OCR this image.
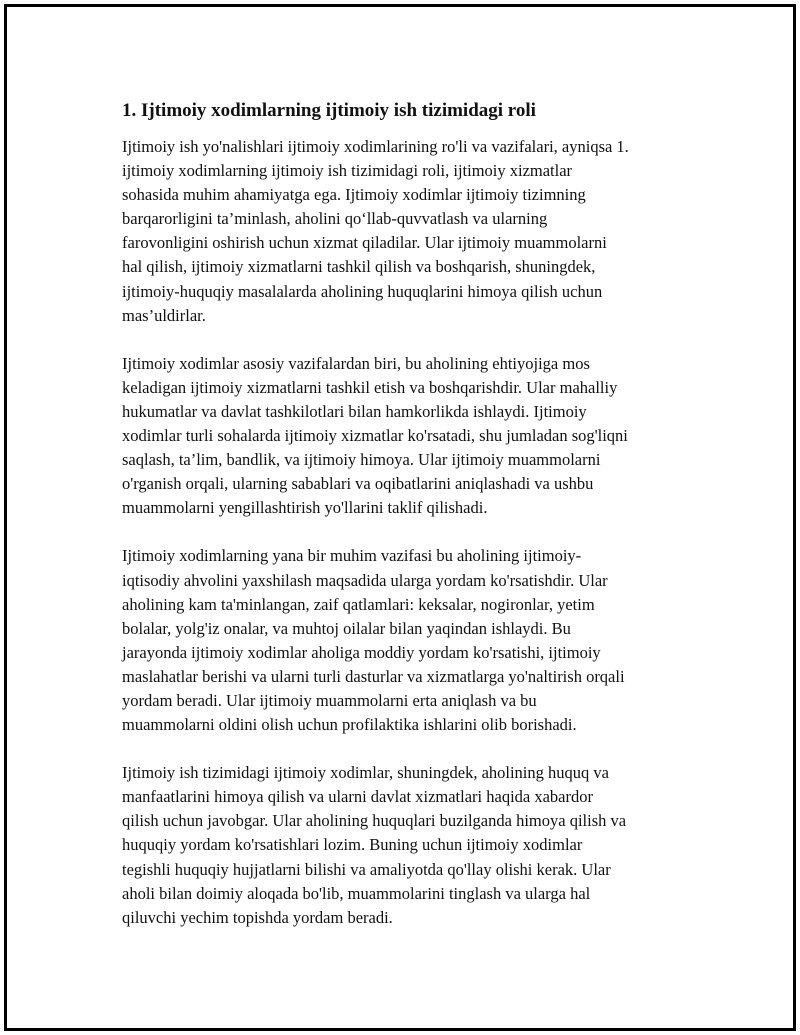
1. Ijtimoiy xodimlarning ijtimoiy ish tizimidagi roli

Ijtimoiy ish yo'nalishlari ijtimoiy xodimlarining ro'li va vazifalari, ayniqsa 1.
ijtimoiy xodimlarning ijtimoiy ish tizimidagi roli, ijtimoiy xizmatlar
sohasida muhim ahamiyatga ega. Ijtimoiy xodimlar ijtimoiy tizimning
barqarorligini ta’minlash, aholini qo‘llab-quvvatlash va ularning
farovonligini oshirish uchun xizmat qiladilar. Ular ijtimoiy muammolarni
hal qilish, ijtimoiy xizmatlarni tashkil qilish va boshqarish, shuningdek,
ijtimoiy-huquqiy masalalarda aholining huquqlarini himoya qilish uchun
mas’uldirlar.

Ijtimoiy xodimlar asosiy vazifalardan biri, bu aholining ehtiyojiga mos
keladigan ijtimoiy xizmatlarni tashkil etish va boshqarishdir. Ular mahalliy
hukumatlar va davlat tashkilotlari bilan hamkorlikda ishlaydi. Ijtimoiy
xodimlar turli sohalarda ijtimoiy xizmatlar ko'rsatadi, shu jumladan sog'liqni
saqlash, ta’lim, bandlik, va ijtimoiy himoya. Ular ijtimoiy muammolarni
o'rganish orqali, ularning sabablari va oqibatlarini aniqlashadi va ushbu
muammolarni yengillashtirish yo'llarini taklif qilishadi.

Ijtimoiy xodimlarning yana bir muhim vazifasi bu aholining ijtimoiy-
iqtisodiy ahvolini yaxshilash maqsadida ularga yordam ko'rsatishdir. Ular
aholining kam ta'minlangan, zaif qatlamlari: keksalar, nogironlar, yetim
bolalar, yolg'iz onalar, va muhtoj oilalar bilan yaqindan ishlaydi. Bu
jarayonda ijtimoiy xodimlar aholiga moddiy yordam ko'rsatishi, ijtimoiy
maslahatlar berishi va ularni turli dasturlar va xizmatlarga yo'naltirish orqali
yordam beradi. Ular ijtimoiy muammolarni erta aniqlash va bu
muammolarni oldini olish uchun profilaktika ishlarini olib borishadi.

Ijtimoiy ish tizimidagi ijtimoiy xodimlar, shuningdek, aholining huquq va
manfaatlarini himoya qilish va ularni davlat xizmatlari haqida xabardor
qilish uchun javobgar. Ular aholining huquqlari buzilganda himoya qilish va
huquqiy yordam ko'rsatishlari lozim. Buning uchun ijtimoiy xodimlar
tegishli huquqiy hujjatlarni bilishi va amaliyotda qo'llay olishi kerak. Ular
aholi bilan doimiy aloqada bo'lib, muammolarini tinglash va ularga hal
qiluvchi yechim topishda yordam beradi.
